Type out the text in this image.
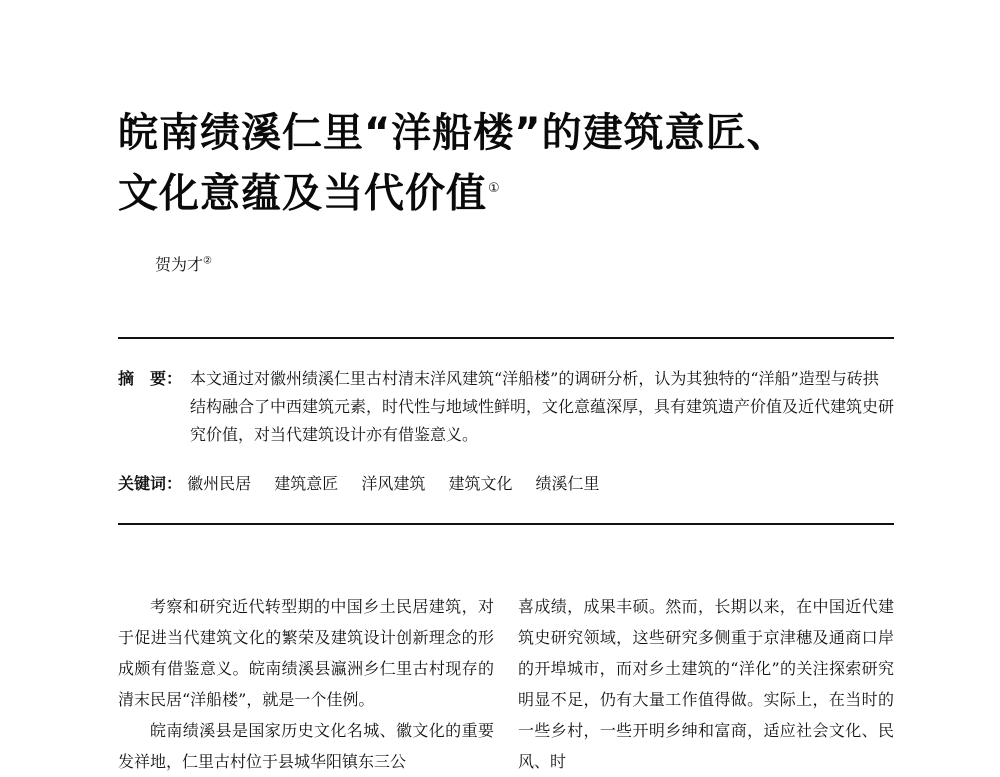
皖南绩溪仁里“洋船楼”的建筑意匠、
文化意蕴及当代价值①
贺为才②
摘　要： 本文通过对徽州绩溪仁里古村清末洋风建筑“洋船楼”的调研分析，认为其独特的“洋船”造型与砖拱结构融合了中西建筑元素，时代性与地域性鲜明，文化意蕴深厚，具有建筑遗产价值及近代建筑史研究价值，对当代建筑设计亦有借鉴意义。
关键词： 徽州民居 建筑意匠 洋风建筑 建筑文化 绩溪仁里

考察和研究近代转型期的中国乡土民居建筑，对于促进当代建筑文化的繁荣及建筑设计创新理念的形成颇有借鉴意义。皖南绩溪县瀛洲乡仁里古村现存的清末民居“洋船楼”，就是一个佳例。

皖南绩溪县是国家历史文化名城、徽文化的重要发祥地，仁里古村位于县城华阳镇东三公

喜成绩，成果丰硕。然而，长期以来，在中国近代建筑史研究领域，这些研究多侧重于京津穗及通商口岸的开埠城市，而对乡土建筑的“洋化”的关注探索研究明显不足，仍有大量工作值得做。实际上，在当时的一些乡村，一些开明乡绅和富商，适应社会文化、民风、时
